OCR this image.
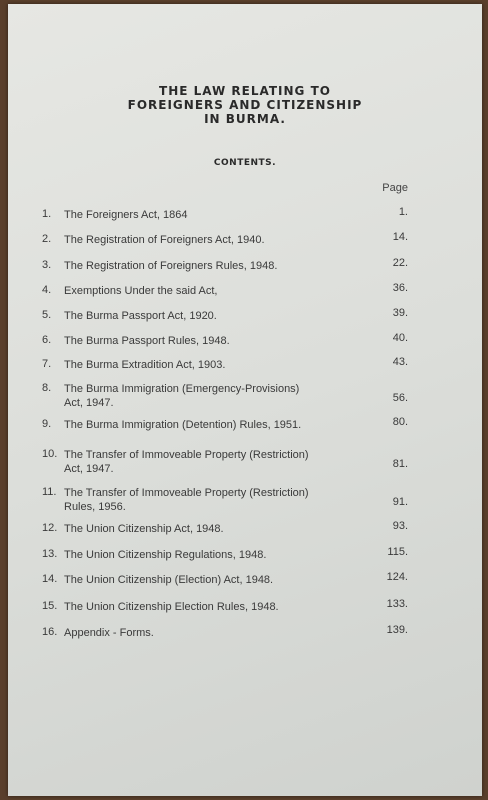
THE LAW RELATING TO
FOREIGNERS AND CITIZENSHIP
IN BURMA.
CONTENTS.
Page
1.	The Foreigners Act, 1864	1.
2.	The Registration of Foreigners Act, 1940.	14.
3.	The Registration of Foreigners Rules, 1948.	22.
4.	Exemptions Under the said Act,	36.
5.	The Burma Passport Act, 1920.	39.
6.	The Burma Passport Rules, 1948.	40.
7.	The Burma Extradition Act, 1903.	43.
8.	The Burma Immigration (Emergency-Provisions)
Act, 1947.	56.
9.	The Burma Immigration (Detention) Rules, 1951.	80.
10. The Transfer of Immoveable Property (Restriction)
Act, 1947.	81.
11. The Transfer of Immoveable Property (Restriction)
Rules, 1956.	91.
12. The Union Citizenship Act, 1948.	93.
13. The Union Citizenship Regulations, 1948.	115.
14. The Union Citizenship (Election) Act, 1948.	124.
15. The Union Citizenship Election Rules, 1948.	133.
16. Appendix - Forms.	139.
